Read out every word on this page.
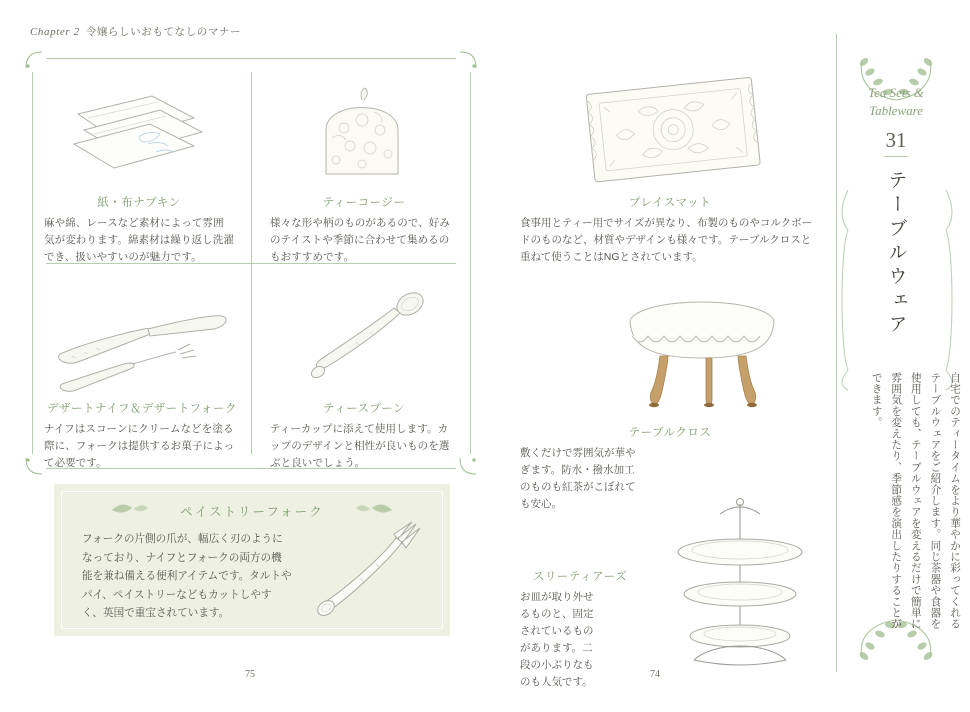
Chapter 2 令嬢らしいおもてなしのマナー
紙・布ナプキン
麻や綿、レースなど素材によって雰囲気が変わります。綿素材は繰り返し洗濯でき、扱いやすいのが魅力です。
ティーコージー
様々な形や柄のものがあるので、好みのテイストや季節に合わせて集めるのもおすすめです。
デザートナイフ＆デザートフォーク
ナイフはスコーンにクリームなどを塗る際に、フォークは提供するお菓子によって必要です。
ティースプーン
ティーカップに添えて使用します。カップのデザインと相性が良いものを選ぶと良いでしょう。
ペイストリーフォーク
フォークの片側の爪が、幅広く刃のようになっており、ナイフとフォークの両方の機能を兼ね備える便利アイテムです。タルトやパイ、ペイストリーなどもカットしやすく、英国で重宝されています。
75
プレイスマット
食事用とティー用でサイズが異なり、布製のものやコルクボードのものなど、材質やデザインも様々です。テーブルクロスと重ねて使うことはNGとされています。
テーブルクロス
敷くだけで雰囲気が華やぎます。防水・撥水加工のものも紅茶がこぼれても安心。
スリーティアーズ
お皿が取り外せるものと、固定されているものがあります。二段の小ぶりなものも人気です。
Tea Sets &
Tableware
31
テーブルウェア
自宅でのティータイムをより華やかに彩ってくれるテーブルウェアをご紹介します。同じ茶器や食器を使用しても、テーブルウェアを変えるだけで簡単に雰囲気を変えたり、季節感を演出したりすることができます。
74
